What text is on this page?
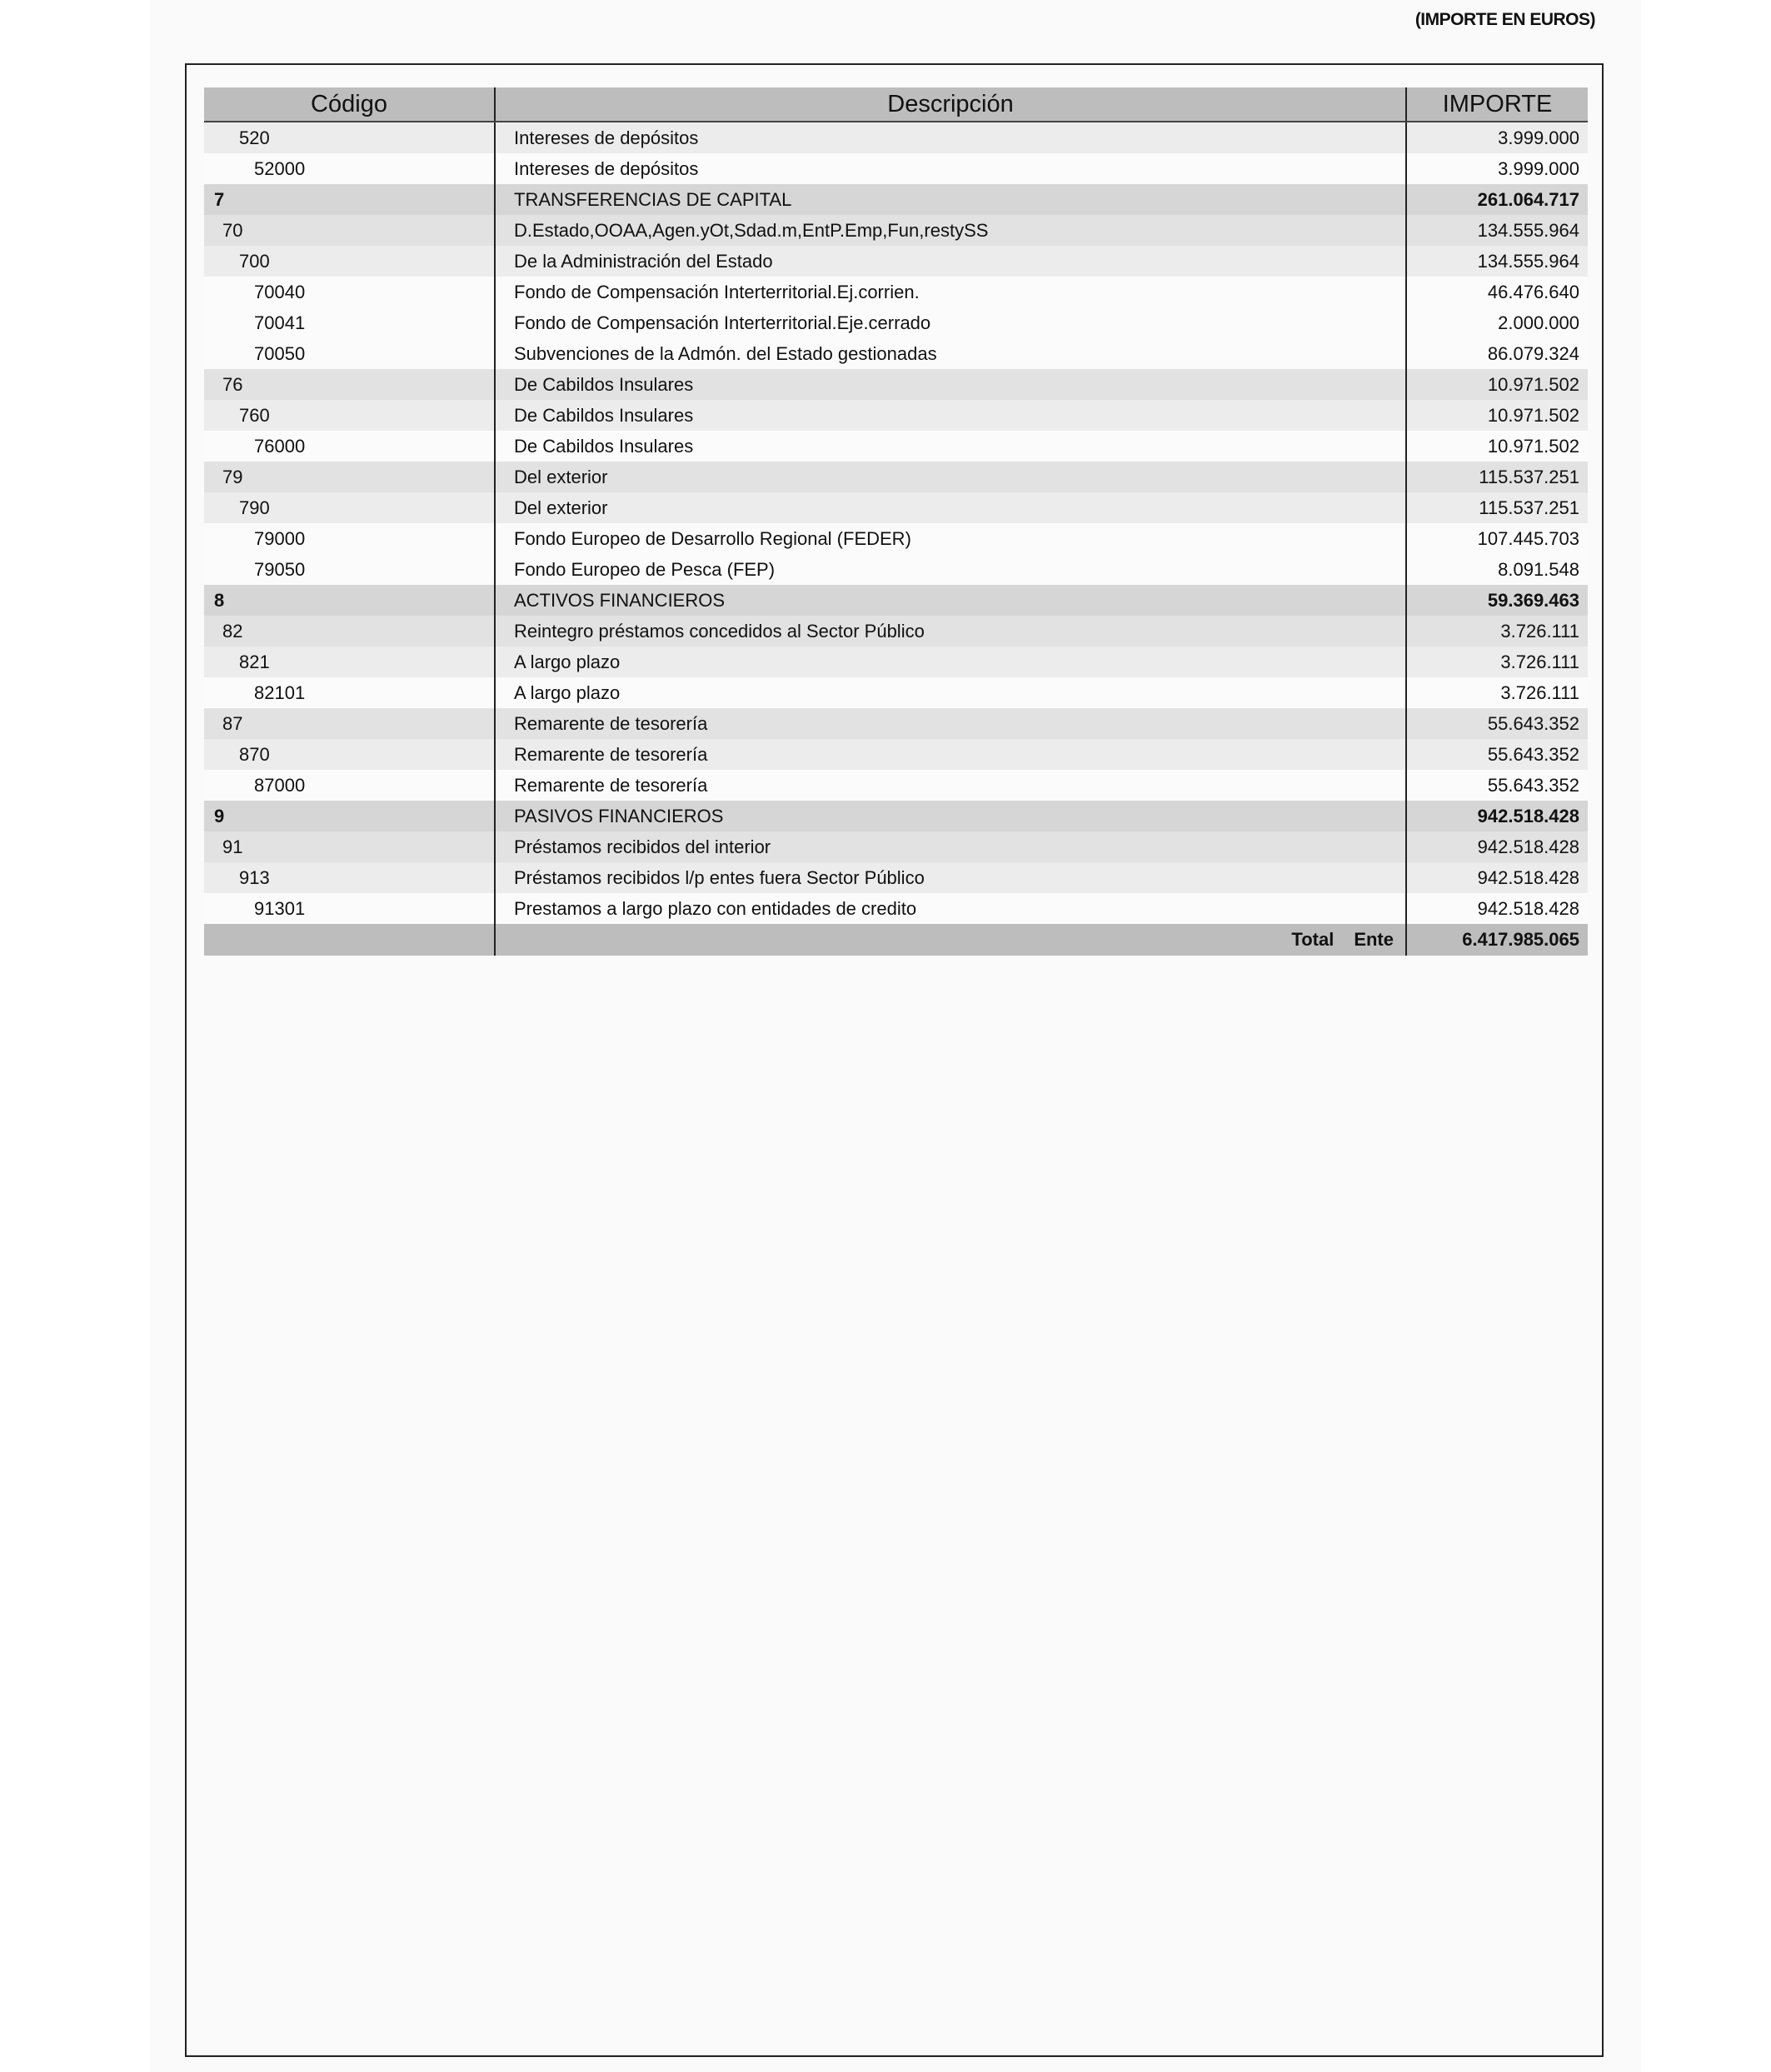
(IMPORTE EN EUROS)
Código	Descripción	IMPORTE
520	Intereses de depósitos	3.999.000
52000	Intereses de depósitos	3.999.000
7	TRANSFERENCIAS DE CAPITAL	261.064.717
70	D.Estado,OOAA,Agen.yOt,Sdad.m,EntP.Emp,Fun,restySS	134.555.964
700	De la Administración del Estado	134.555.964
70040	Fondo de Compensación Interterritorial.Ej.corrien.	46.476.640
70041	Fondo de Compensación Interterritorial.Eje.cerrado	2.000.000
70050	Subvenciones de la Admón. del Estado gestionadas	86.079.324
76	De Cabildos Insulares	10.971.502
760	De Cabildos Insulares	10.971.502
76000	De Cabildos Insulares	10.971.502
79	Del exterior	115.537.251
790	Del exterior	115.537.251
79000	Fondo Europeo de Desarrollo Regional (FEDER)	107.445.703
79050	Fondo Europeo de Pesca (FEP)	8.091.548
8	ACTIVOS FINANCIEROS	59.369.463
82	Reintegro préstamos concedidos al Sector Público	3.726.111
821	A largo plazo	3.726.111
82101	A largo plazo	3.726.111
87	Remarente de tesorería	55.643.352
870	Remarente de tesorería	55.643.352
87000	Remarente de tesorería	55.643.352
9	PASIVOS FINANCIEROS	942.518.428
91	Préstamos recibidos del interior	942.518.428
913	Préstamos recibidos l/p entes fuera Sector Público	942.518.428
91301	Prestamos a largo plazo con entidades de credito	942.518.428
	Total Ente	6.417.985.065
